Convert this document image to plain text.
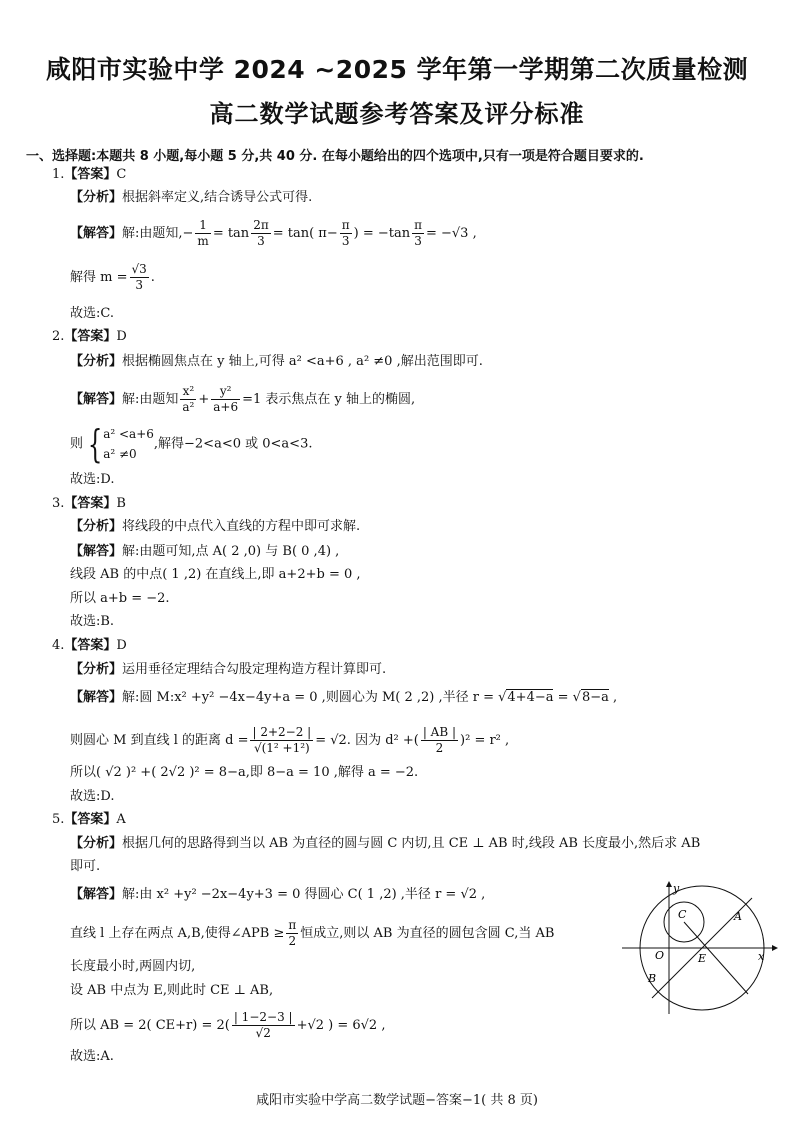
咸阳市实验中学 2024 ~2025 学年第一学期第二次质量检测
高二数学试题参考答案及评分标准
一、选择题:本题共 8 小题,每小题 5 分,共 40 分. 在每小题给出的四个选项中,只有一项是符合题目要求的.
1.【答案】C
【分析】根据斜率定义,结合诱导公式可得.
【解答】解:由题知,− $\frac{1}{m} = \tan \frac{2\pi}{3} = \tan$( $\pi- \frac{\pi}{3}$ ) = $-\tan \frac{\pi}{3} = -√3$ ,
解得 $m = \frac{√3}{3}$ .
故选:C.
2.【答案】D
【分析】根据椭圆焦点在 y 轴上,可得 a² <a+6 , a² ≠0 ,解出范围即可.
【解答】解:由题知 $\frac{\text{x²}}{\text{a²}} + \frac{\text{y²}}{a+6} =1$ 表示焦点在 y 轴上的椭圆,
则 { a² <a+6
a² ≠0
,解得−2<a<0 或 0<a<3.
故选:D.
3.【答案】B
【分析】将线段的中点代入直线的方程中即可求解.
【解答】解:由题可知,点 A( 2 ,0) 与 B( 0 ,4) ,
线段 AB 的中点( 1 ,2) 在直线上,即 a+2+b = 0 ,
所以 a+b = −2.
故选:B.
4.【答案】D
【分析】运用垂径定理结合勾股定理构造方程计算即可.
【解答】解:圆 M:x² +y² −4x−4y+a = 0 ,则圆心为 M( 2 ,2) ,半径 r = √4+4−a = √8−a ,
则圆心 M 到直线 l 的距离 $d = \frac{| 2+2-2 |}{\text{√(1² +1²)}} = √2$. 因为 d² +( $\frac{| AB |}{2} )^2 = r^2$ ,
所以( √2 )² +( 2√2 )² = 8−a,即 8−a = 10 ,解得 a = −2.
故选:D.
5.【答案】A
【分析】根据几何的思路得到当以 AB 为直径的圆与圆 C 内切,且 CE ⊥ AB 时,线段 AB 长度最小,然后求 AB
即可.
【解答】解:由 x² +y² −2x−4y+3 = 0 得圆心 C( 1 ,2) ,半径 r = √2 ,
直线 l 上存在两点 A,B,使得∠APB ≥ $\frac{\pi}{2}$ 恒成立,则以 AB 为直径的圆包含圆 C,当 AB
长度最小时,两圆内切,
设 AB 中点为 E,则此时 CE ⊥ AB,
所以 AB = 2( $CE+r) = 2( \frac{| 1-2-3 |}{√2} +√2$ ) = 6√2 ,
故选:A.
y
x
C	A
O	E
B
咸阳市实验中学高二数学试题−答案−1( 共 8 页)
